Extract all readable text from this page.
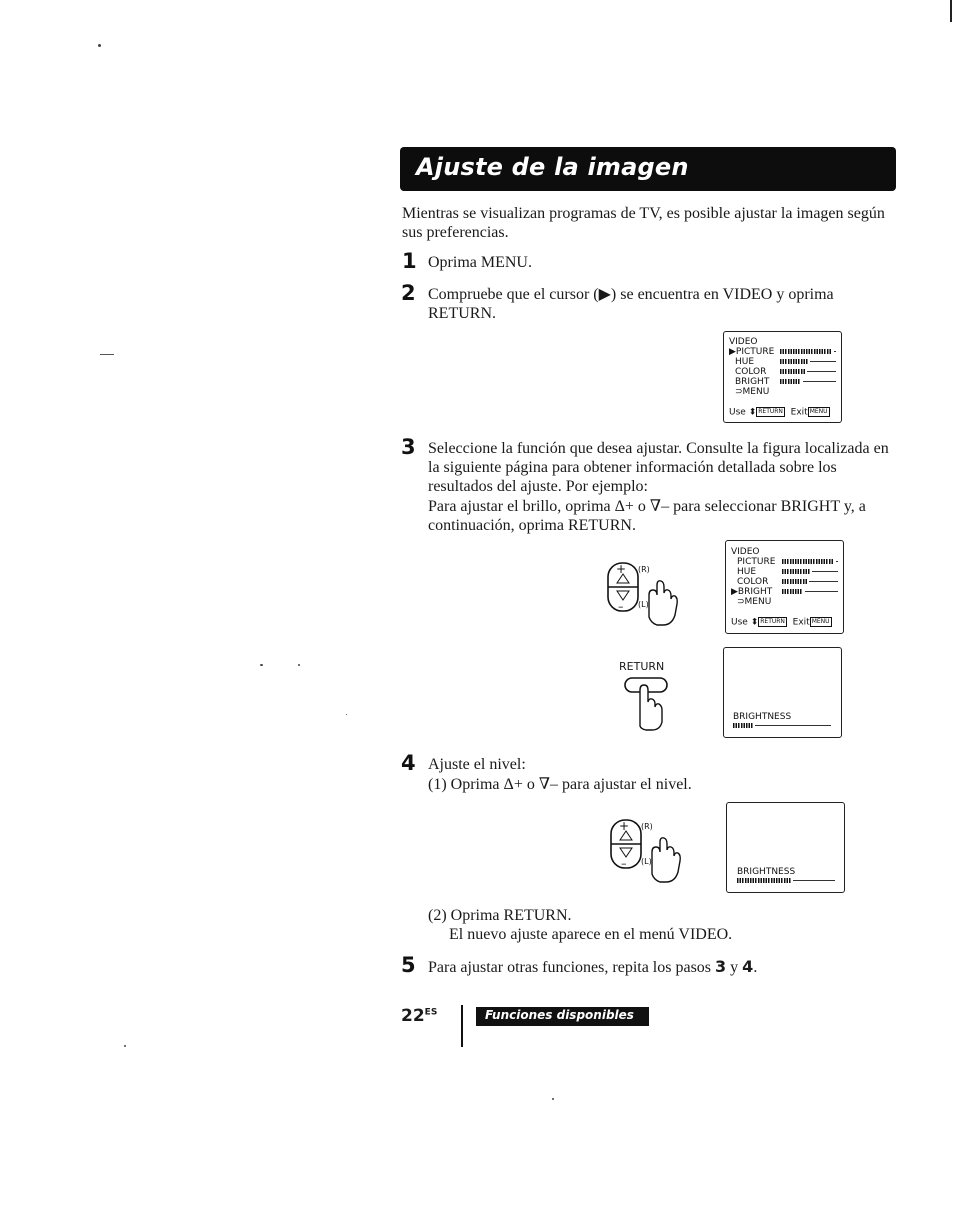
Ajuste de la imagen
Mientras se visualizan programas de TV, es posible ajustar la imagen según sus preferencias.
1 Oprima MENU.
2 Compruebe que el cursor (▶) se encuentra en VIDEO y oprima RETURN.
VIDEO
▶PICTURE
HUE
COLOR
BRIGHT
⊃MENU
Use ⬍ RETURN Exit MENU
3 Seleccione la función que desea ajustar. Consulte la figura localizada en la siguiente página para obtener información detallada sobre los resultados del ajuste. Por ejemplo:
Para ajustar el brillo, oprima Δ+ o ∇– para seleccionar BRIGHT y, a continuación, oprima RETURN.
+
–
(R)
(L)
VIDEO
PICTURE
HUE
COLOR
▶BRIGHT
⊃MENU
Use ⬍ RETURN Exit MENU
RETURN
BRIGHTNESS
4 Ajuste el nivel:
(1) Oprima Δ+ o ∇– para ajustar el nivel.
+
–
(R)
(L)
BRIGHTNESS
(2) Oprima RETURN.
El nuevo ajuste aparece en el menú VIDEO.
5 Para ajustar otras funciones, repita los pasos 3 y 4.
$22^{ES}$	Funciones disponibles
